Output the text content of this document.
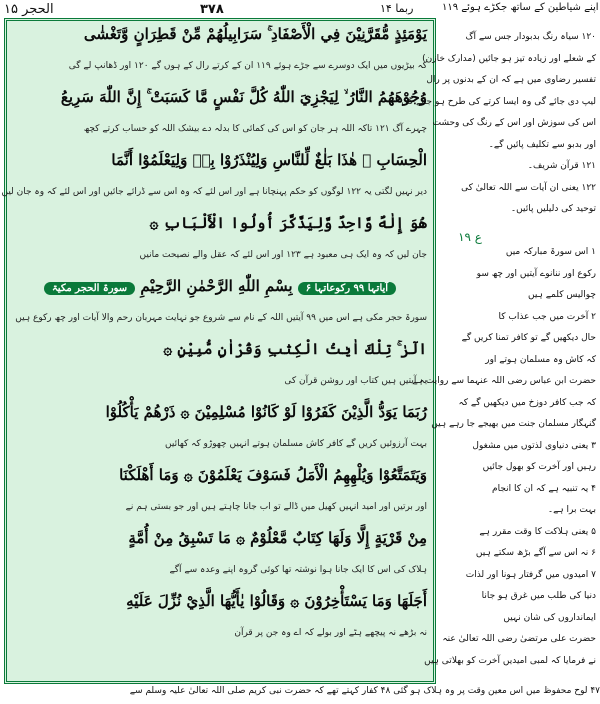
الحجر ۱۵	۳۷۸	ربما ۱۴	۱۱۹ اپنے شیاطین کے ساتھ جکڑے ہوئے
يَوْمَئِذٍ مُّقَرَّنِيْنَ فِي الْأَصْفَادِ ۚ سَرَابِيلُهُمْ مِّنْ قَطِرَانٍ وَّتَغْشٰى
کہ بیڑیوں میں ایک دوسرے سے جڑے ہوئے ۱۱۹ ان کے کرتے رال کے ہوں گے ۱۲۰ اور ڈھانپ لے گی
وُجُوْهَهُمُ النَّارُ ۙ لِيَجْزِيَ اللّٰهُ كُلَّ نَفْسٍ مَّا كَسَبَتْ ۚ إِنَّ اللّٰهَ سَرِيعُ
چہرے آگ ۱۲۱ تاکہ اللہ ہر جان کو اس کی کمائی کا بدلہ دے بیشک اللہ کو حساب کرتے کچھ
الْحِسَابِ ۞ هٰذَا بَلٰغٌ لِّلنَّاسِ وَلِيُنْذَرُوْا بِهٖ وَلِيَعْلَمُوْا أَنَّمَا
دیر نہیں لگتی یہ ۱۲۲ لوگوں کو حکم پہنچانا ہے اور اس لئے کہ وہ اس سے ڈرائے جائیں اور اس لئے کہ وہ جان لیں
هُوَ إِلٰهٌ وَّاحِدٌ وَّلِيَذَّكَّرَ أُولُوا الْأَلْبَابِ ۞
جان لیں کہ وہ ایک ہی معبود ہے ۱۲۳ اور اس لئے کہ عقل والے نصیحت مانیں
آیاتہا ۹۹ رکوعاتہا ۶ بِسْمِ اللّٰهِ الرَّحْمٰنِ الرَّحِيْمِ سورۃ الحجر مکیۃ
سورۃ حجر مکی ہے اس میں ۹۹ آیتیں اللہ کے نام سے شروع جو نہایت مہربان رحم والا آیات اور چھ رکوع ہیں
الٓرٰ ۚ تِلْكَ اٰيٰتُ الْكِتٰبِ وَقُرْاٰنٍ مُّبِيْنٍ ۞
یہ آیتیں ہیں کتاب اور روشن قرآن کی
رُبَمَا يَوَدُّ الَّذِيْنَ كَفَرُوْا لَوْ كَانُوْا مُسْلِمِيْنَ ۞ ذَرْهُمْ يَأْكُلُوْا
بہت آرزوئیں کریں گے کافر کاش مسلمان ہوتے انہیں چھوڑو کہ کھائیں
وَيَتَمَتَّعُوْا وَيُلْهِهِمُ الْأَمَلُ فَسَوْفَ يَعْلَمُوْنَ ۞ وَمَا أَهْلَكْنَا
اور برتیں اور امید انہیں کھیل میں ڈالے تو اب جانا چاہتے ہیں اور جو بستی ہم نے
مِنْ قَرْيَةٍ إِلَّا وَلَهَا كِتَابٌ مَّعْلُوْمٌ ۞ مَا تَسْبِقُ مِنْ أُمَّةٍ
ہلاک کی اس کا ایک جانا ہوا نوشتہ تھا کوئی گروہ اپنے وعدہ سے آگے
أَجَلَهَا وَمَا يَسْتَأْخِرُوْنَ ۞ وَقَالُوْا يٰأَيُّهَا الَّذِيْ نُزِّلَ عَلَيْهِ
نہ بڑھے نہ پیچھے ہٹے اور بولے کہ اے وہ جن پر قرآن
۱۲۰ سیاہ رنگ بدبودار جس سے آگ
کے شعلے اور زیادہ تیز ہو جائیں (مدارک خازن)
تفسیر رضاوی میں ہے کہ ان کے بدنوں پر رال
لیپ دی جائے گی وہ ایسا کرتے کی طرح ہو جائے گی
اس کی سوزش اور اس کے رنگ کی وحشت
اور بدبو سے تکلیف پائیں گے۔
۱۲۱ قرآن شریف۔
۱۲۲ یعنی ان آیات سے اللہ تعالیٰ کی
توحید کی دلیلیں پائیں۔
۱ اس سورۃ مبارکہ میں
رکوع اور ننانوے آیتیں اور چھ سو
چوالیس کلمے ہیں
۲ آخرت میں جب عذاب کا
حال دیکھیں گے تو کافر تمنا کریں گے
کہ کاش وہ مسلمان ہوتے اور
حضرت ابن عباس رضی اللہ عنہما سے روایت ہے
کہ جب کافر دوزخ میں دیکھیں گے کہ
گنہگار مسلمان جنت میں بھیجے جا رہے ہیں
۳ یعنی دنیاوی لذتوں میں مشغول
رہیں اور آخرت کو بھول جائیں
۴ یہ تنبیہ ہے کہ ان کا انجام
بہت برا ہے۔
۵ یعنی ہلاکت کا وقت مقرر ہے
۶ نہ اس سے آگے بڑھ سکتے ہیں
۷ امیدوں میں گرفتار ہونا اور لذات
دنیا کی طلب میں غرق ہو جانا
ایمانداروں کی شان نہیں
حضرت علی مرتضیٰ رضی اللہ تعالیٰ عنہ
نے فرمایا کہ لمبی امیدیں آخرت کو بھلاتی ہیں
ع ۱۹
۴۷ لوح محفوظ میں اس معین وقت پر وہ ہلاک ہو گئی ۴۸ کفار کہتے تھے کہ حضرت نبی کریم صلی اللہ تعالیٰ علیہ وسلم سے
